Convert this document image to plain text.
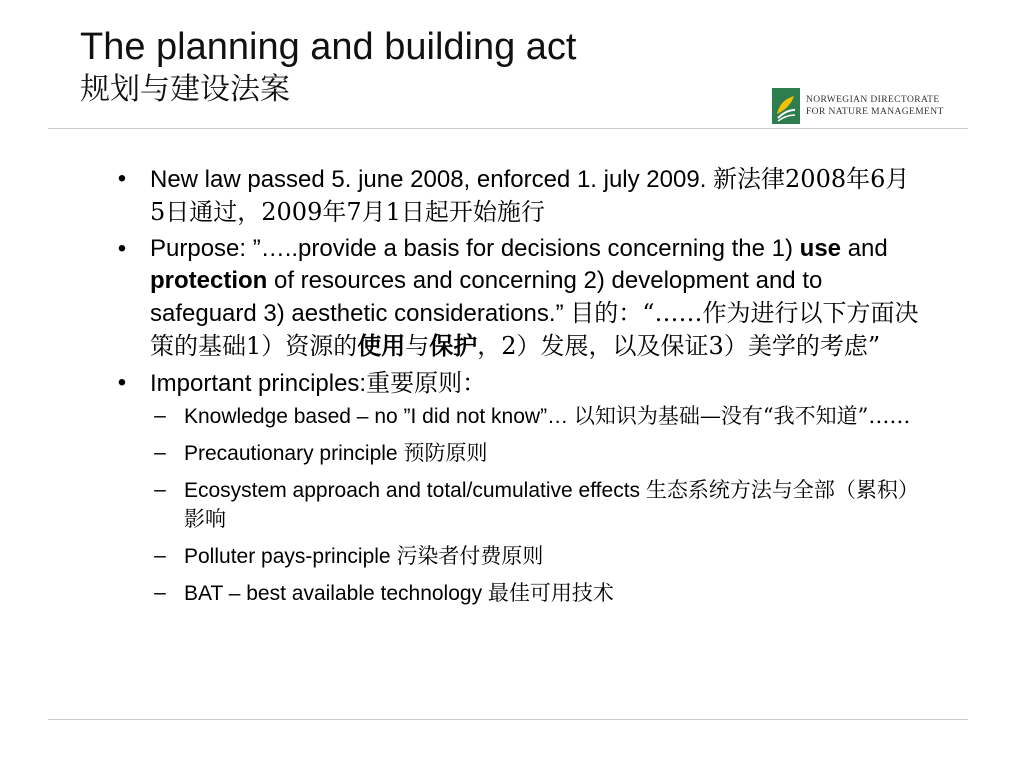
The planning and building act

规划与建设法案	NORWEGIAN DIRECTORATE
FOR NATURE MANAGEMENT
• New law passed 5. june 2008, enforced 1. july 2009. 新法律2008年6月5日通过，2009年7月1日起开始施行
• Purpose: ”…..provide a basis for decisions concerning the 1) use and protection of resources and concerning 2) development and to safeguard 3) aesthetic considerations.” 目的：“……作为进行以下方面决策的基础1）资源的使用与保护，2）发展，以及保证3）美学的考虑”
• Important principles:重要原则：
– Knowledge based – no ”I did not know”… 以知识为基础—没有“我不知道”……
– Precautionary principle 预防原则
– Ecosystem approach and total/cumulative effects 生态系统方法与全部（累积）影响
– Polluter pays-principle 污染者付费原则
– BAT – best available technology 最佳可用技术
